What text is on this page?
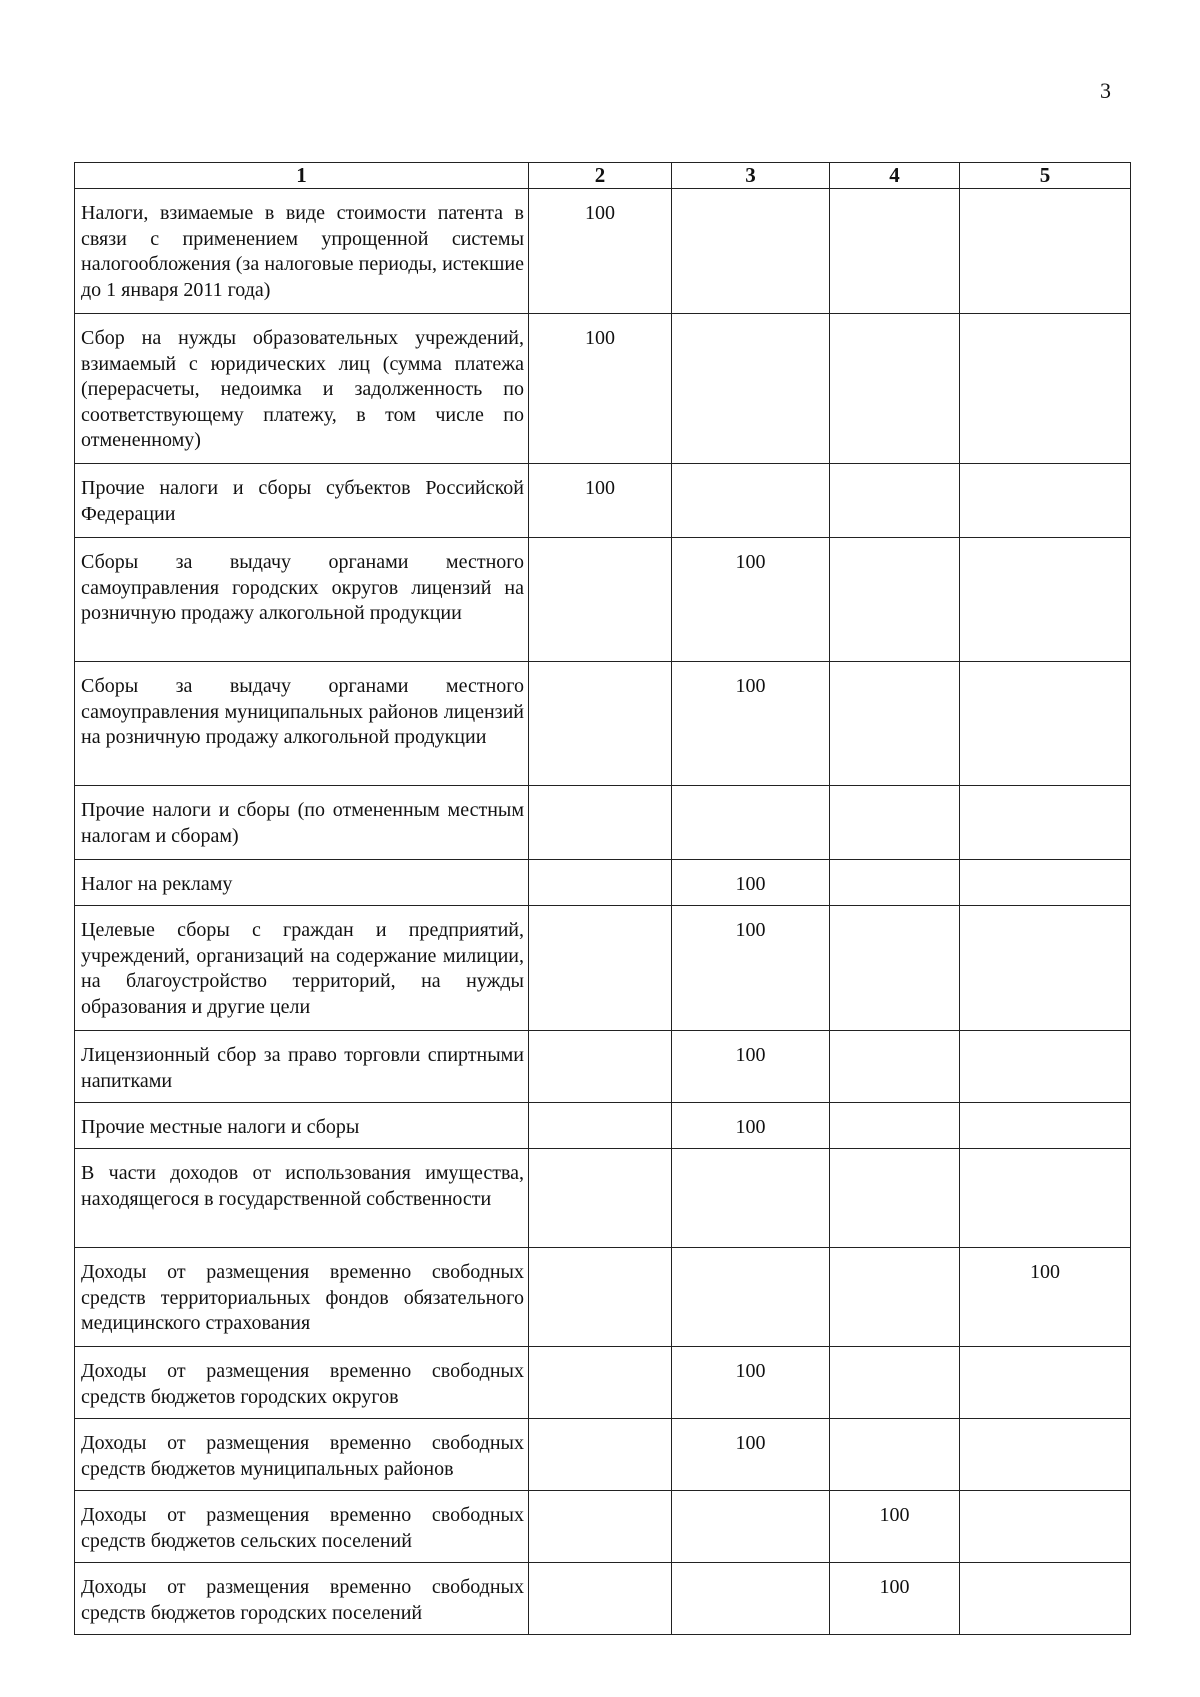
3
1	2	3	4	5
Налоги, взимаемые в виде стоимости патента в связи с применением упрощенной системы налогообложения (за налоговые периоды, истекшие до 1 января 2011 года)	100			
Сбор на нужды образовательных учреждений, взимаемый с юридических лиц (сумма платежа (перерасчеты, недоимка и задолженность по соответствующему платежу, в том числе по отмененному)	100			
Прочие налоги и сборы субъектов Российской Федерации	100			
Сборы за выдачу органами местного самоуправления городских округов лицензий на розничную продажу алкогольной продукции		100		
Сборы за выдачу органами местного самоуправления муниципальных районов лицензий на розничную продажу алкогольной продукции		100		
Прочие налоги и сборы (по отмененным местным налогам и сборам)				
Налог на рекламу		100		
Целевые сборы с граждан и предприятий, учреждений, организаций на содержание милиции, на благоустройство территорий, на нужды образования и другие цели		100		
Лицензионный сбор за право торговли спиртными напитками		100		
Прочие местные налоги и сборы		100		
В части доходов от использования имущества, находящегося в государственной собственности				
Доходы от размещения временно свободных средств территориальных фондов обязательного медицинского страхования				100
Доходы от размещения временно свободных средств бюджетов городских округов		100		
Доходы от размещения временно свободных средств бюджетов муниципальных районов		100		
Доходы от размещения временно свободных средств бюджетов сельских поселений			100	
Доходы от размещения временно свободных средств бюджетов городских поселений			100	
